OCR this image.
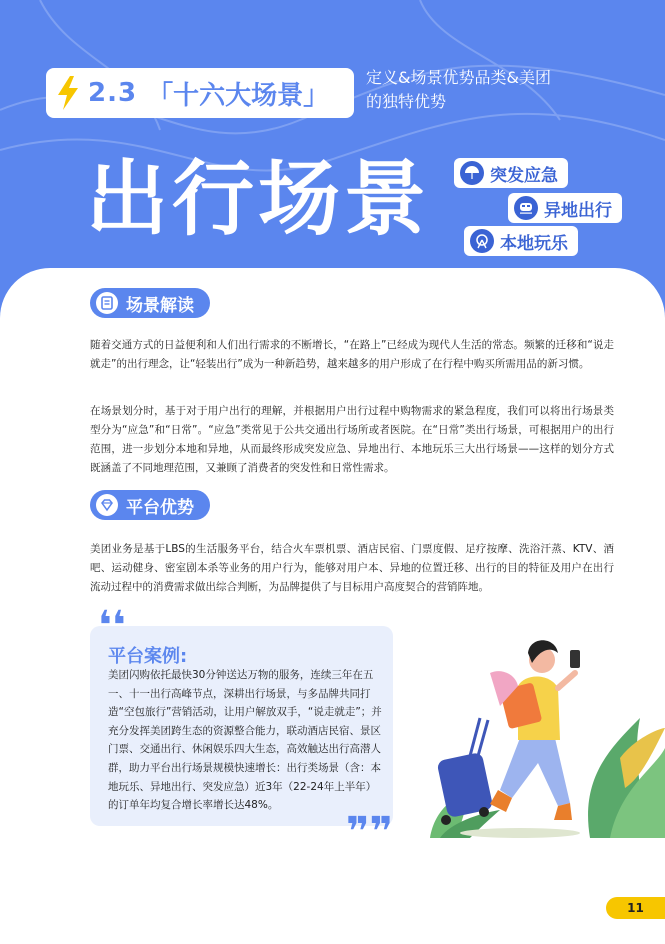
2.3 「十六大场景」
定义&场景优势品类&美团的独特优势
出行场景	突发应急
异地出行
本地玩乐
场景解读

随着交通方式的日益便利和人们出行需求的不断增长，“在路上”已经成为现代人生活的常态。频繁的迁移和“说走就走”的出行理念，让“轻装出行”成为一种新趋势，越来越多的用户形成了在行程中购买所需用品的新习惯。

在场景划分时，基于对于用户出行的理解，并根据用户出行过程中购物需求的紧急程度，我们可以将出行场景类型分为“应急”和“日常”。“应急”类常见于公共交通出行场所或者医院。在“日常”类出行场景，可根据用户的出行范围，进一步划分本地和异地，从而最终形成突发应急、异地出行、本地玩乐三大出行场景——这样的划分方式既涵盖了不同地理范围，又兼顾了消费者的突发性和日常性需求。

平台优势

美团业务是基于LBS的生活服务平台，结合火车票机票、酒店民宿、门票度假、足疗按摩、洗浴汗蒸、KTV、酒吧、运动健身、密室剧本杀等业务的用户行为，能够对用户本、异地的位置迁移、出行的目的特征及用户在出行流动过程中的消费需求做出综合判断，为品牌提供了与目标用户高度契合的营销阵地。

❛❛
平台案例:

美团闪购依托最快30分钟送达万物的服务，连续三年在五一、十一出行高峰节点，深耕出行场景，与多品牌共同打造“空包旅行”营销活动，让用户解放双手，“说走就走”；并充分发挥美团跨生态的资源整合能力，联动酒店民宿、景区门票、交通出行、休闲娱乐四大生态，高效触达出行高潜人群，助力平台出行场景规模快速增长：出行类场景（含：本地玩乐、异地出行、突发应急）近3年（22-24年上半年）的订单年均复合增长率增长达48%。

❞❞
11
